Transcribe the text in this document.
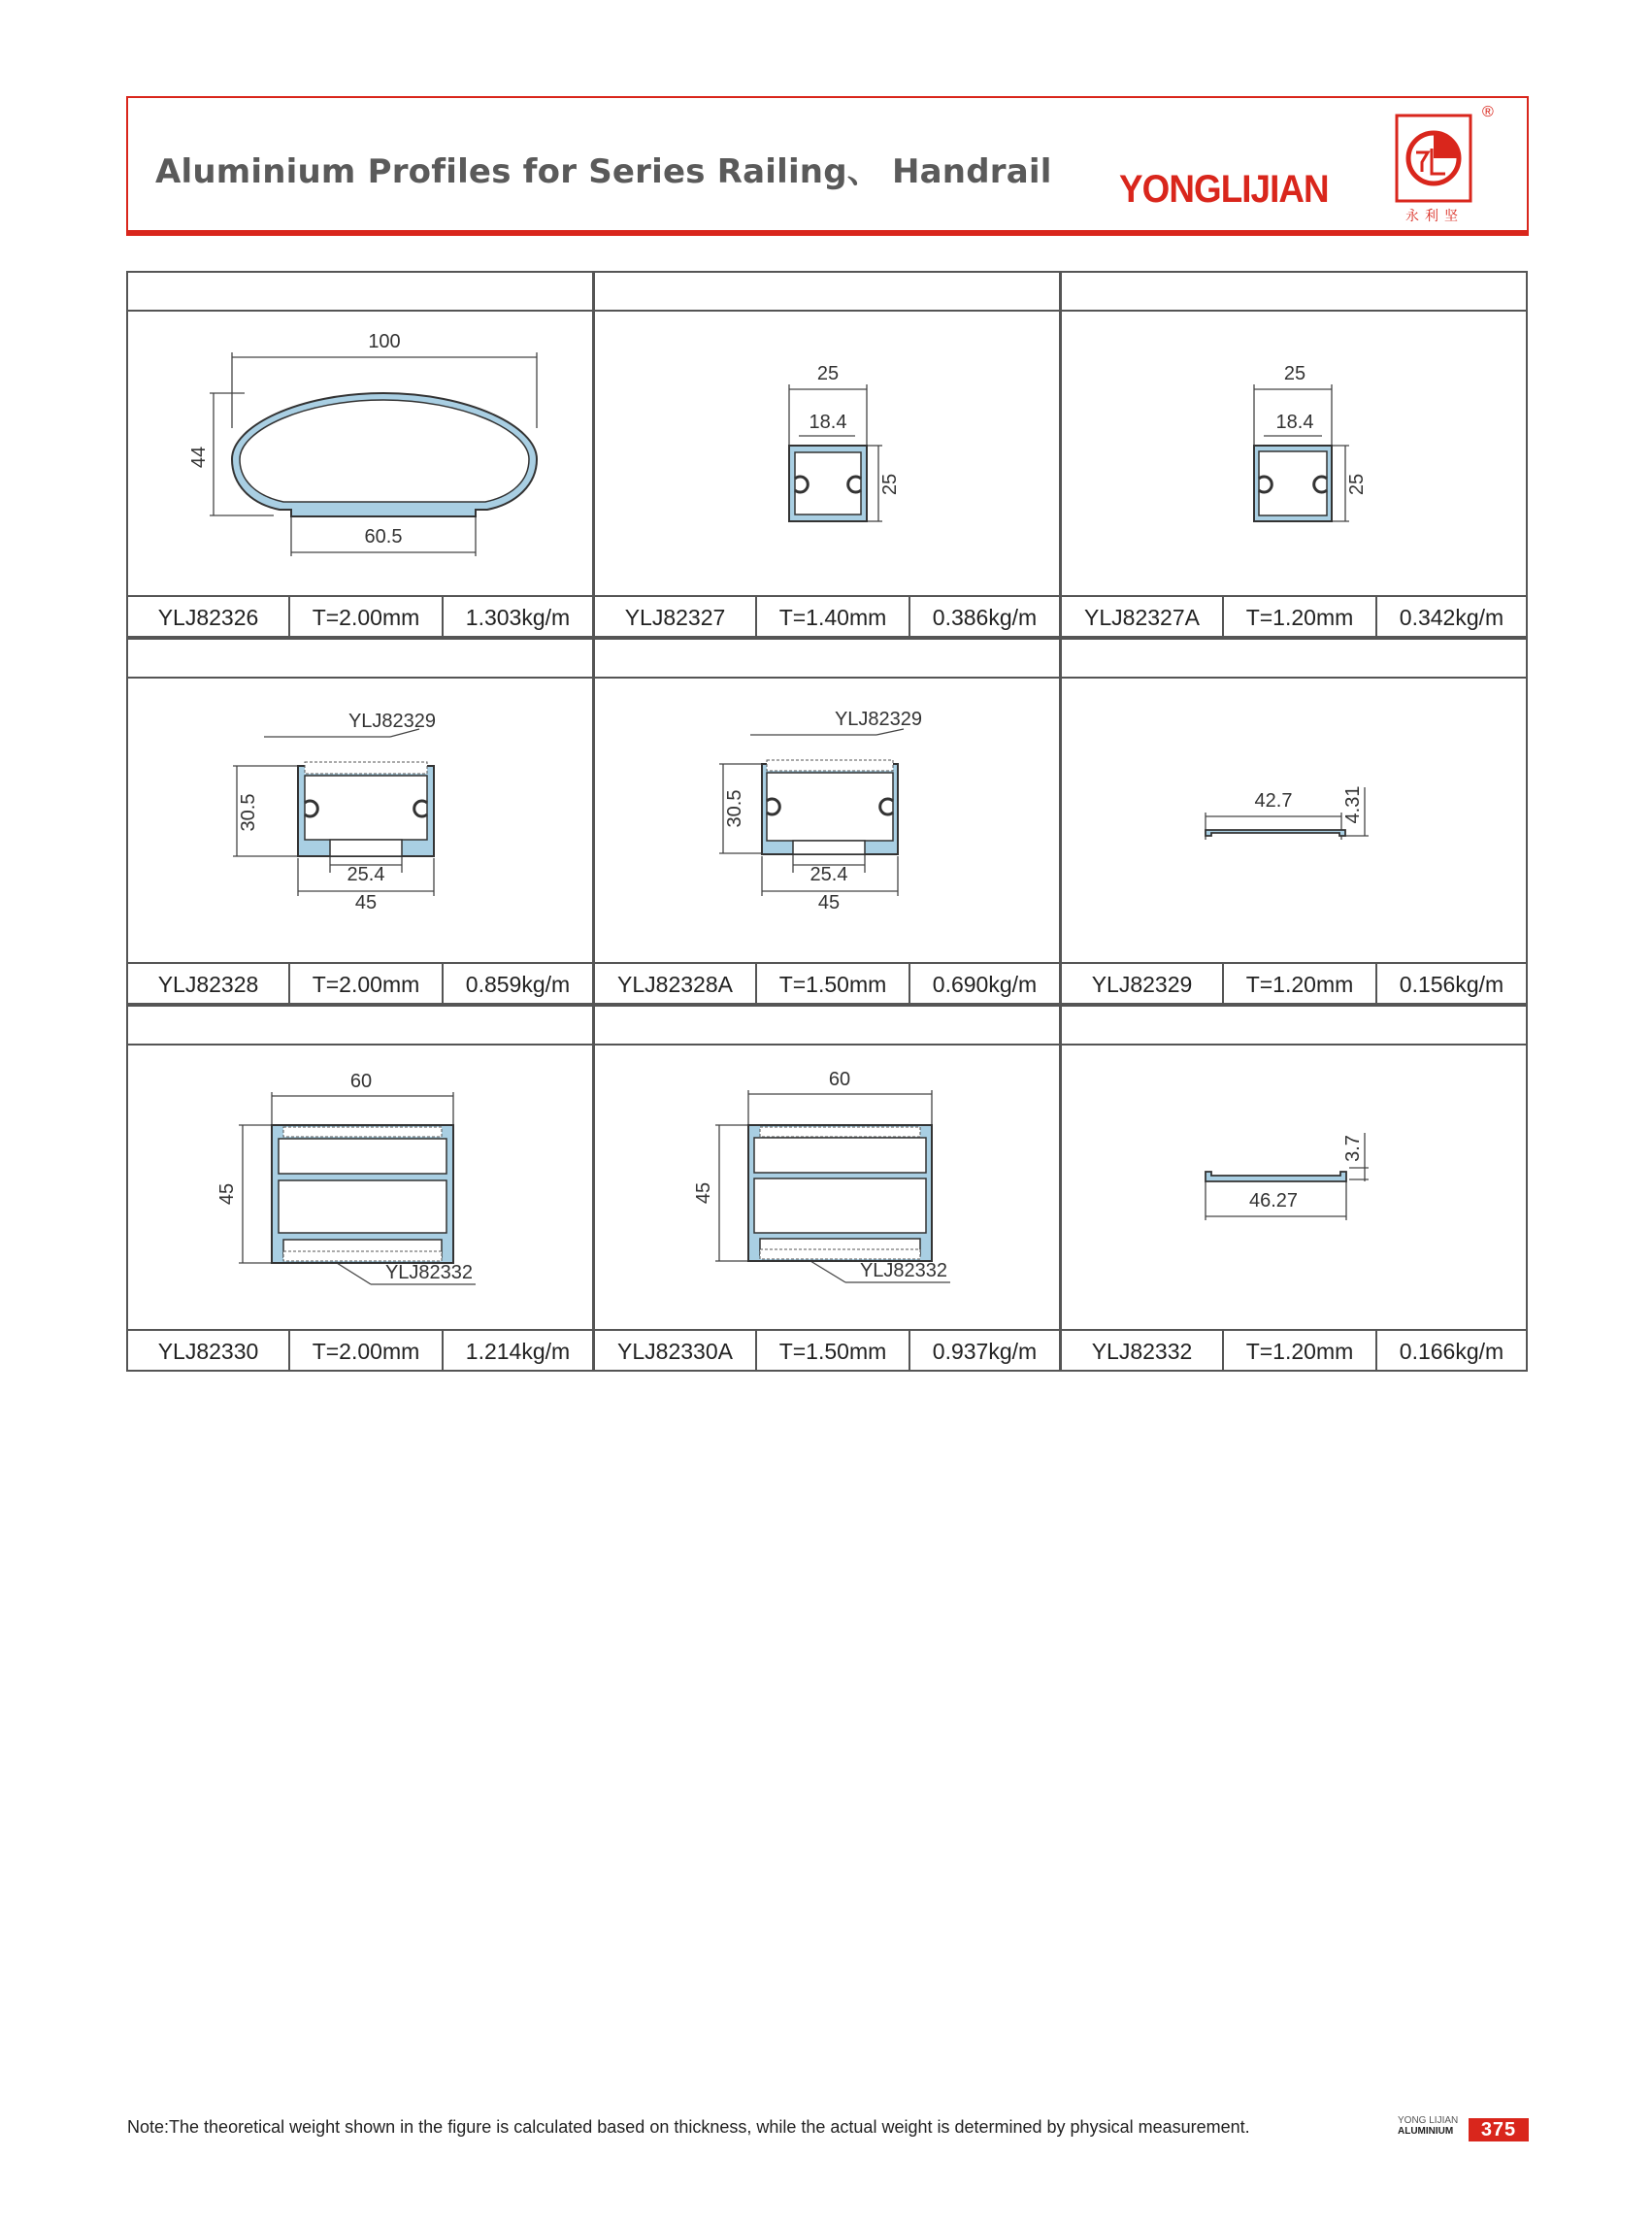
Aluminium Profiles for Series Railing、 Handrail YONGLIJIAN
永利坚
®
100
44
60.5
YLJ82326	T=2.00mm	1.303kg/m
25
18.4
25
YLJ82327	T=1.40mm	0.386kg/m
25
18.4
25
YLJ82327A	T=1.20mm	0.342kg/m
YLJ82329
30.5
25.4
45
YLJ82328	T=2.00mm	0.859kg/m
YLJ82329
30.5
25.4
45
YLJ82328A	T=1.50mm	0.690kg/m
42.7	4.31
YLJ82329	T=1.20mm	0.156kg/m
60
45
YLJ82332
YLJ82330	T=2.00mm	1.214kg/m
60
45
YLJ82332
YLJ82330A	T=1.50mm	0.937kg/m
3.7
46.27
YLJ82332	T=1.20mm	0.166kg/m
Note:The theoretical weight shown in the figure is calculated based on thickness, while the actual weight is determined by physical measurement.	YONG LIJIAN
ALUMINIUM	375
